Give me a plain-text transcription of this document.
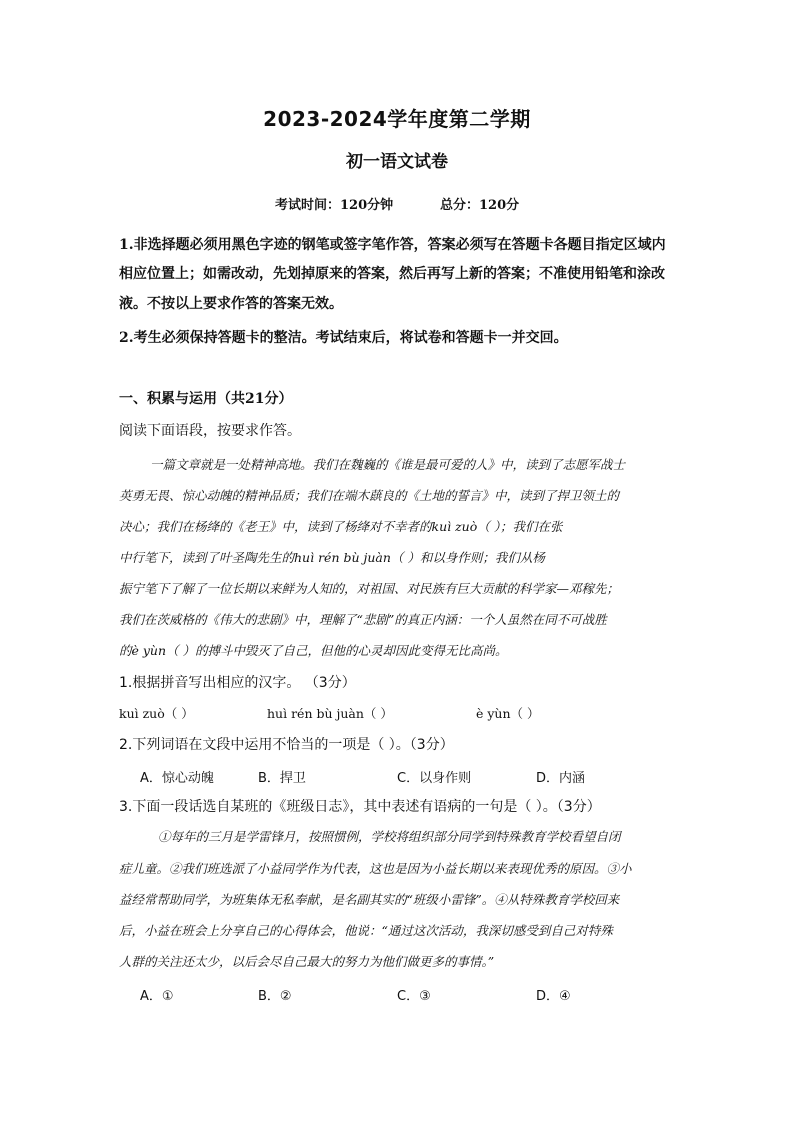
2023-2024学年度第二学期
初一语文试卷
考试时间：120分钟	总分：120分
1.非选择题必须用黑色字迹的钢笔或签字笔作答，答案必须写在答题卡各题目指定区域内
相应位置上；如需改动，先划掉原来的答案，然后再写上新的答案；不准使用铅笔和涂改
液。不按以上要求作答的答案无效。
2.考生必须保持答题卡的整洁。考试结束后，将试卷和答题卡一并交回。
一、积累与运用（共21分）
阅读下面语段，按要求作答。
一篇文章就是一处精神高地。我们在魏巍的《谁是最可爱的人》中，读到了志愿军战士
英勇无畏、惊心动魄的精神品质；我们在端木蕻良的《土地的誓言》中，读到了捍卫领土的
决心；我们在杨绛的《老王》中，读到了杨绛对不幸者的kuì zuò（ ）；我们在张
中行笔下，读到了叶圣陶先生的huì rén bù juàn（ ）和以身作则；我们从杨
振宁笔下了解了一位长期以来鲜为人知的，对祖国、对民族有巨大贡献的科学家—邓稼先；
我们在茨威格的《伟大的悲剧》中，理解了“悲剧”的真正内涵：一个人虽然在同不可战胜
的è yùn（ ）的搏斗中毁灭了自己，但他的心灵却因此变得无比高尚。
1.根据拼音写出相应的汉字。 （3分）
kuì zuò（ ）	huì rén bù juàn（ ）	è yùn（ ）
2.下列词语在文段中运用不恰当的一项是（ ）。（3分）
A．惊心动魄	B．捍卫	C．以身作则	D．内涵
3.下面一段话选自某班的《班级日志》，其中表述有语病的一句是（ ）。（3分）
①每年的三月是学雷锋月，按照惯例，学校将组织部分同学到特殊教育学校看望自闭
症儿童。②我们班选派了小益同学作为代表，这也是因为小益长期以来表现优秀的原因。③小
益经常帮助同学，为班集体无私奉献，是名副其实的“班级小雷锋”。④从特殊教育学校回来
后，小益在班会上分享自己的心得体会，他说：“通过这次活动，我深切感受到自己对特殊
人群的关注还太少，以后会尽自己最大的努力为他们做更多的事情。”
A．①	B．②	C．③	D．④
